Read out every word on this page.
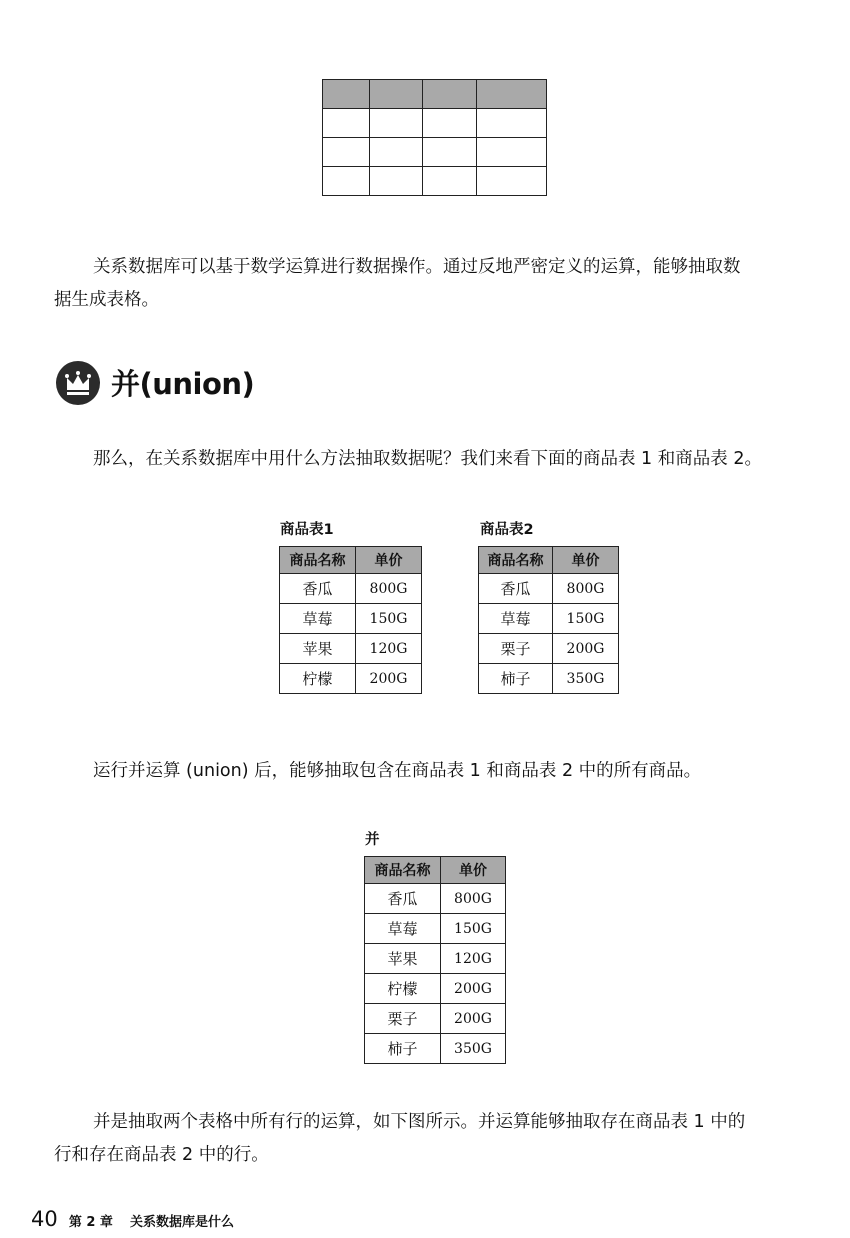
关系数据库可以基于数学运算进行数据操作。通过反地严密定义的运算，能够抽取数
据生成表格。
并(union)
那么，在关系数据库中用什么方法抽取数据呢？我们来看下面的商品表 1 和商品表 2。
商品表1
商品名称	单价
香瓜	800G
草莓	150G
苹果	120G
柠檬	200G
商品表2
商品名称	单价
香瓜	800G
草莓	150G
栗子	200G
柿子	350G
运行并运算 (union) 后，能够抽取包含在商品表 1 和商品表 2 中的所有商品。
并
商品名称	单价
香瓜	800G
草莓	150G
苹果	120G
柠檬	200G
栗子	200G
柿子	350G
并是抽取两个表格中所有行的运算，如下图所示。并运算能够抽取存在商品表 1 中的
行和存在商品表 2 中的行。
40 第 2 章 关系数据库是什么
